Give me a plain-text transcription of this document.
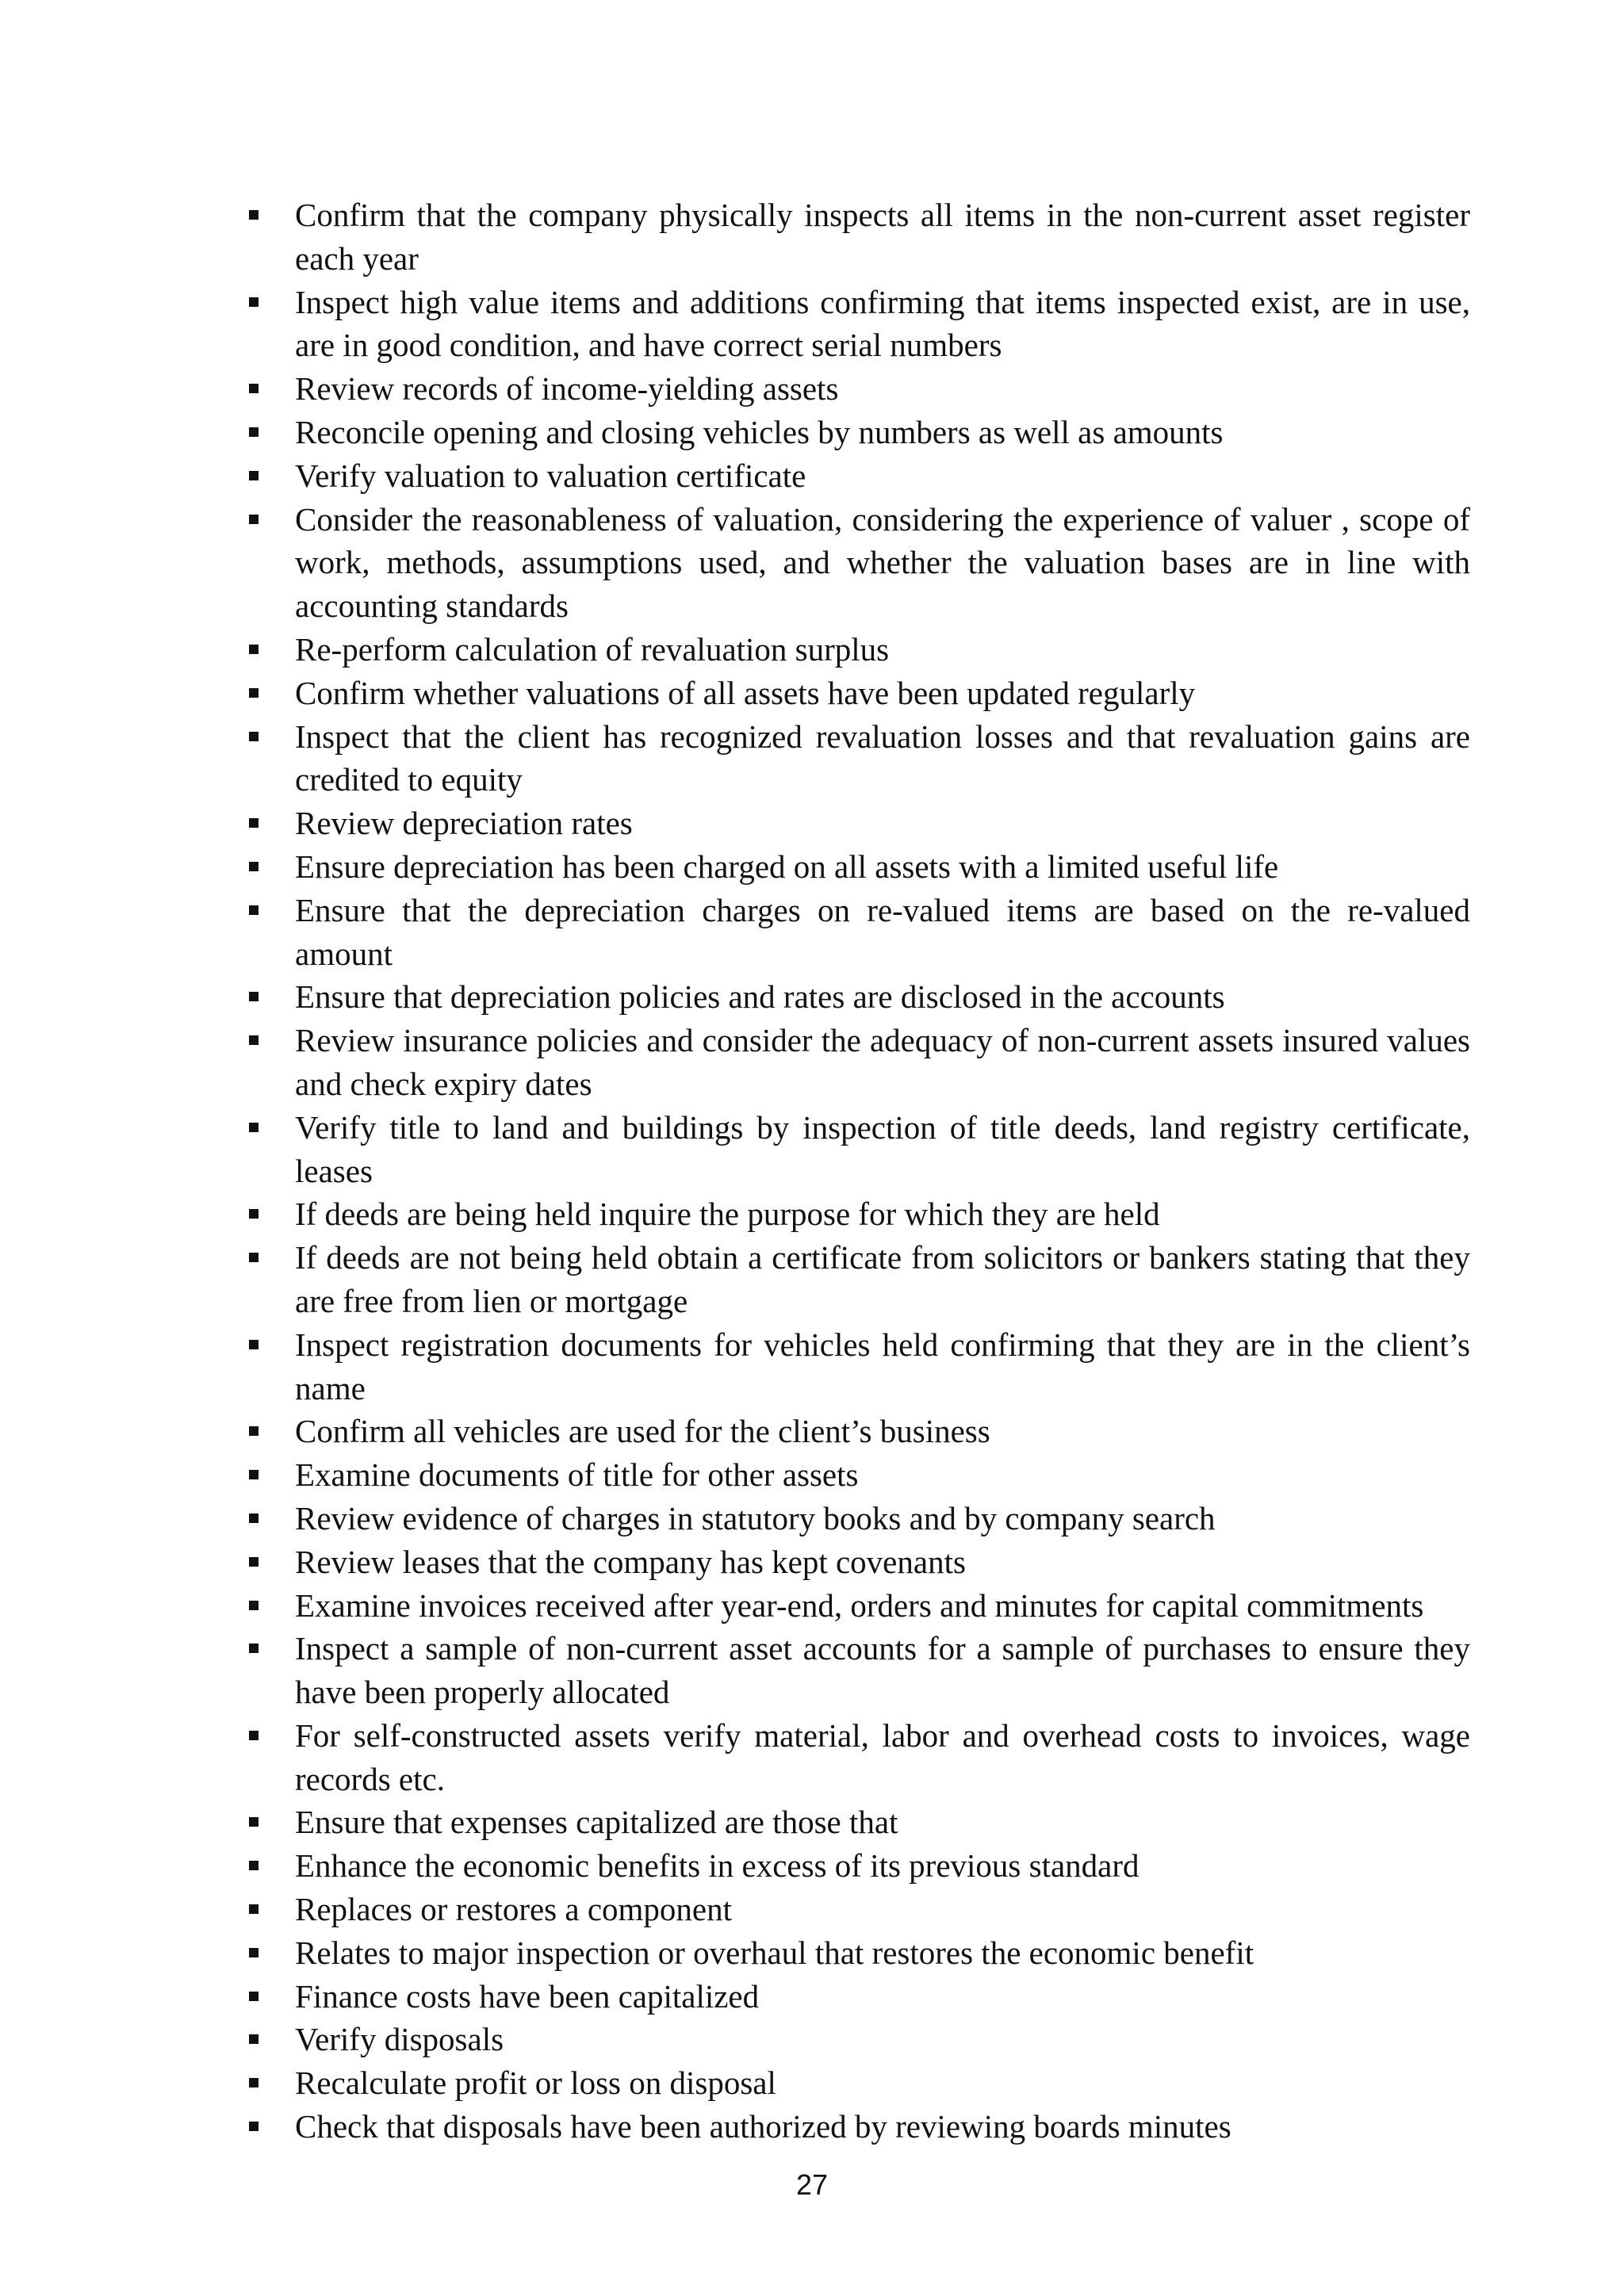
Confirm that the company physically inspects all items in the non-current asset register each year
Inspect high value items and additions confirming that items inspected exist, are in use, are in good condition, and have correct serial numbers
Review records of income-yielding assets
Reconcile opening and closing vehicles by numbers as well as amounts
Verify valuation to valuation certificate
Consider the reasonableness of valuation, considering the experience of valuer , scope of work, methods, assumptions used, and whether the valuation bases are in line with accounting standards
Re-perform calculation of revaluation surplus
Confirm whether valuations of all assets have been updated regularly
Inspect that the client has recognized revaluation losses and that revaluation gains are credited to equity
Review depreciation rates
Ensure depreciation has been charged on all assets with a limited useful life
Ensure that the depreciation charges on re-valued items are based on the re-valued amount
Ensure that depreciation policies and rates are disclosed in the accounts
Review insurance policies and consider the adequacy of non-current assets insured values and check expiry dates
Verify title to land and buildings by inspection of title deeds, land registry certificate, leases
If deeds are being held inquire the purpose for which they are held
If deeds are not being held obtain a certificate from solicitors or bankers stating that they are free from lien or mortgage
Inspect registration documents for vehicles held confirming that they are in the client’s name
Confirm all vehicles are used for the client’s business
Examine documents of title for other assets
Review evidence of charges in statutory books and by company search
Review leases that the company has kept covenants
Examine invoices received after year-end, orders and minutes for capital commitments
Inspect a sample of non-current asset accounts for a sample of purchases to ensure they have been properly allocated
For self-constructed assets verify material, labor and overhead costs to invoices, wage records etc.
Ensure that expenses capitalized are those that
Enhance the economic benefits in excess of its previous standard
Replaces or restores a component
Relates to major inspection or overhaul that restores the economic benefit
Finance costs have been capitalized
Verify disposals
Recalculate profit or loss on disposal
Check that disposals have been authorized by reviewing boards minutes
27
